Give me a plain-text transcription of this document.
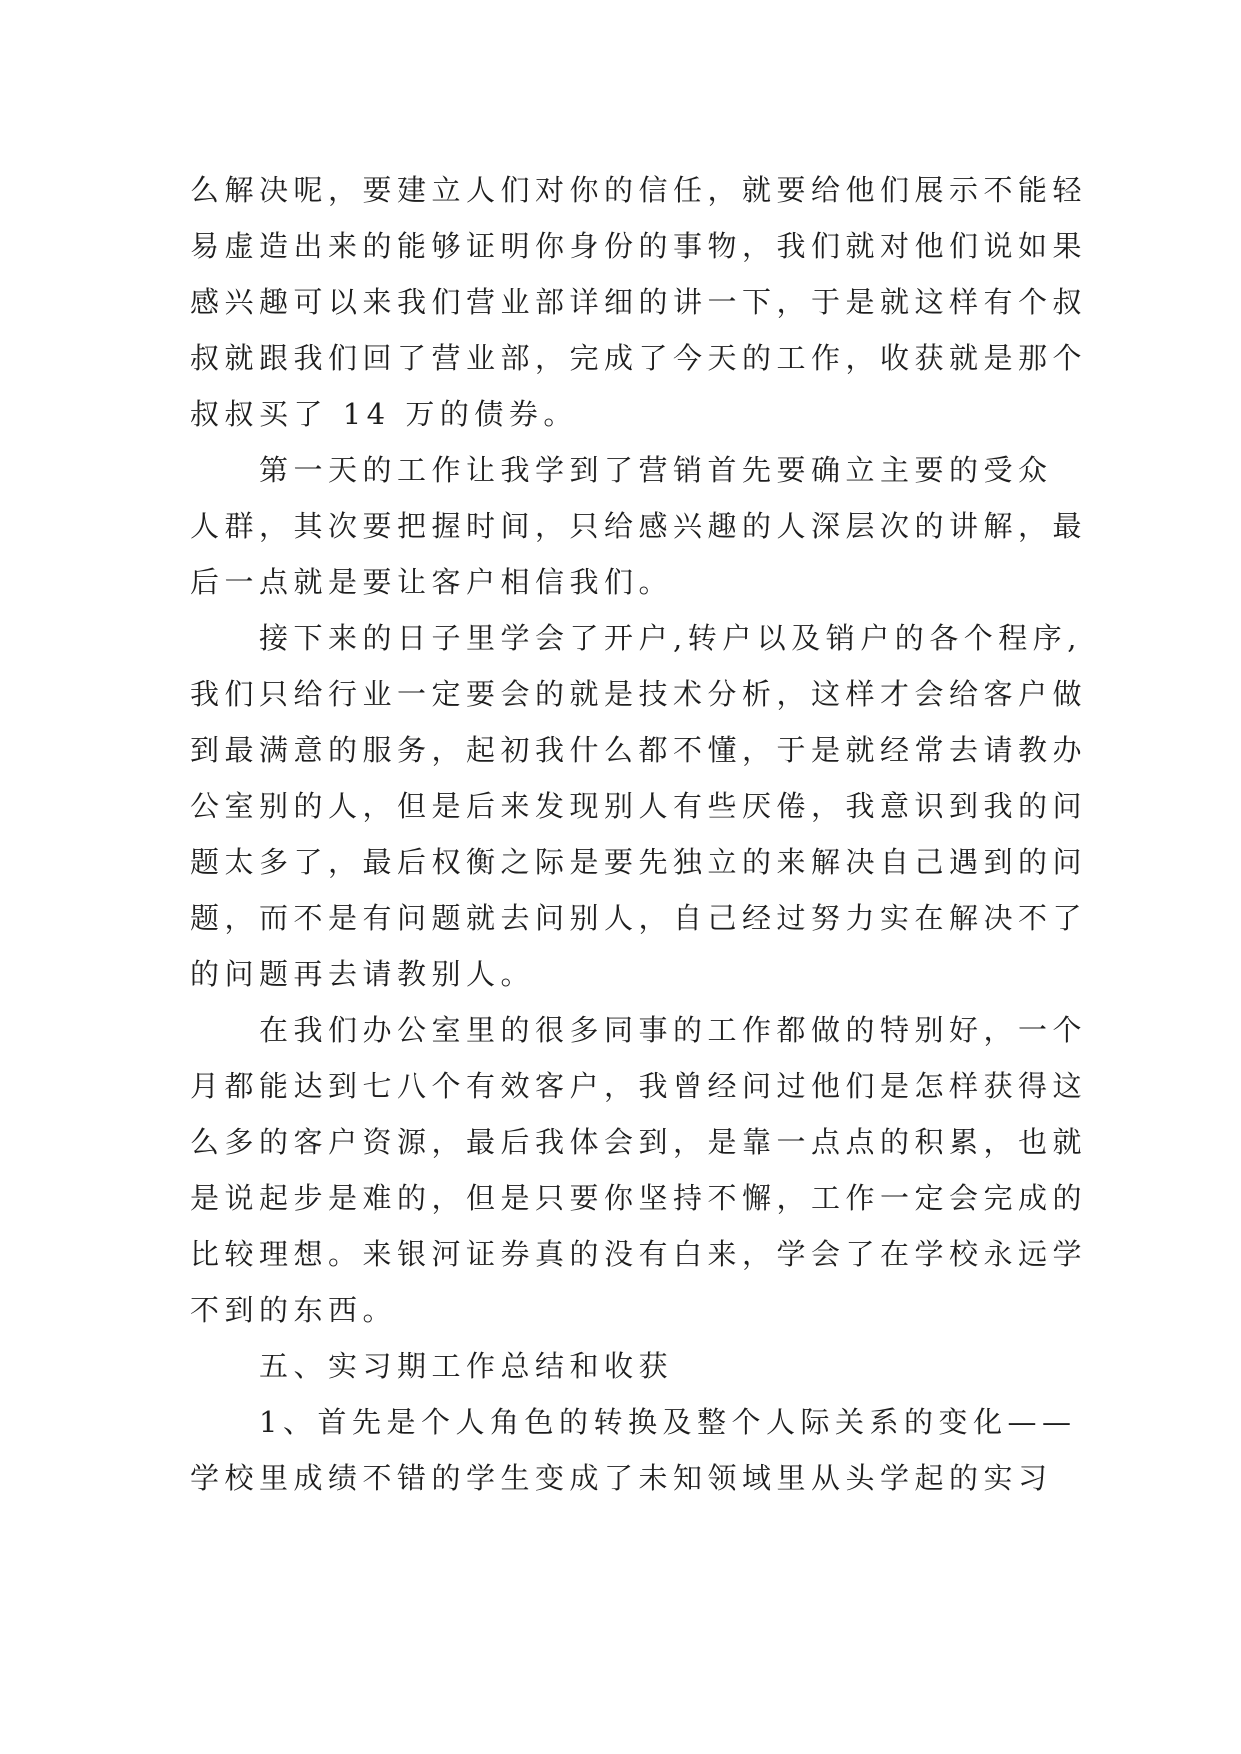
么解决呢，要建立人们对你的信任，就要给他们展示不能轻
易虚造出来的能够证明你身份的事物，我们就对他们说如果
感兴趣可以来我们营业部详细的讲一下，于是就这样有个叔
叔就跟我们回了营业部，完成了今天的工作，收获就是那个
叔叔买了 14 万的债券。
　　第一天的工作让我学到了营销首先要确立主要的受众
人群，其次要把握时间，只给感兴趣的人深层次的讲解，最
后一点就是要让客户相信我们。
　　接下来的日子里学会了开户,转户以及销户的各个程序,
我们只给行业一定要会的就是技术分析，这样才会给客户做
到最满意的服务，起初我什么都不懂，于是就经常去请教办
公室别的人，但是后来发现别人有些厌倦，我意识到我的问
题太多了，最后权衡之际是要先独立的来解决自己遇到的问
题，而不是有问题就去问别人，自己经过努力实在解决不了
的问题再去请教别人。
　　在我们办公室里的很多同事的工作都做的特别好，一个
月都能达到七八个有效客户，我曾经问过他们是怎样获得这
么多的客户资源，最后我体会到，是靠一点点的积累，也就
是说起步是难的，但是只要你坚持不懈，工作一定会完成的
比较理想。来银河证券真的没有白来，学会了在学校永远学
不到的东西。
　　五、实习期工作总结和收获
　　1、首先是个人角色的转换及整个人际关系的变化——
学校里成绩不错的学生变成了未知领域里从头学起的实习
